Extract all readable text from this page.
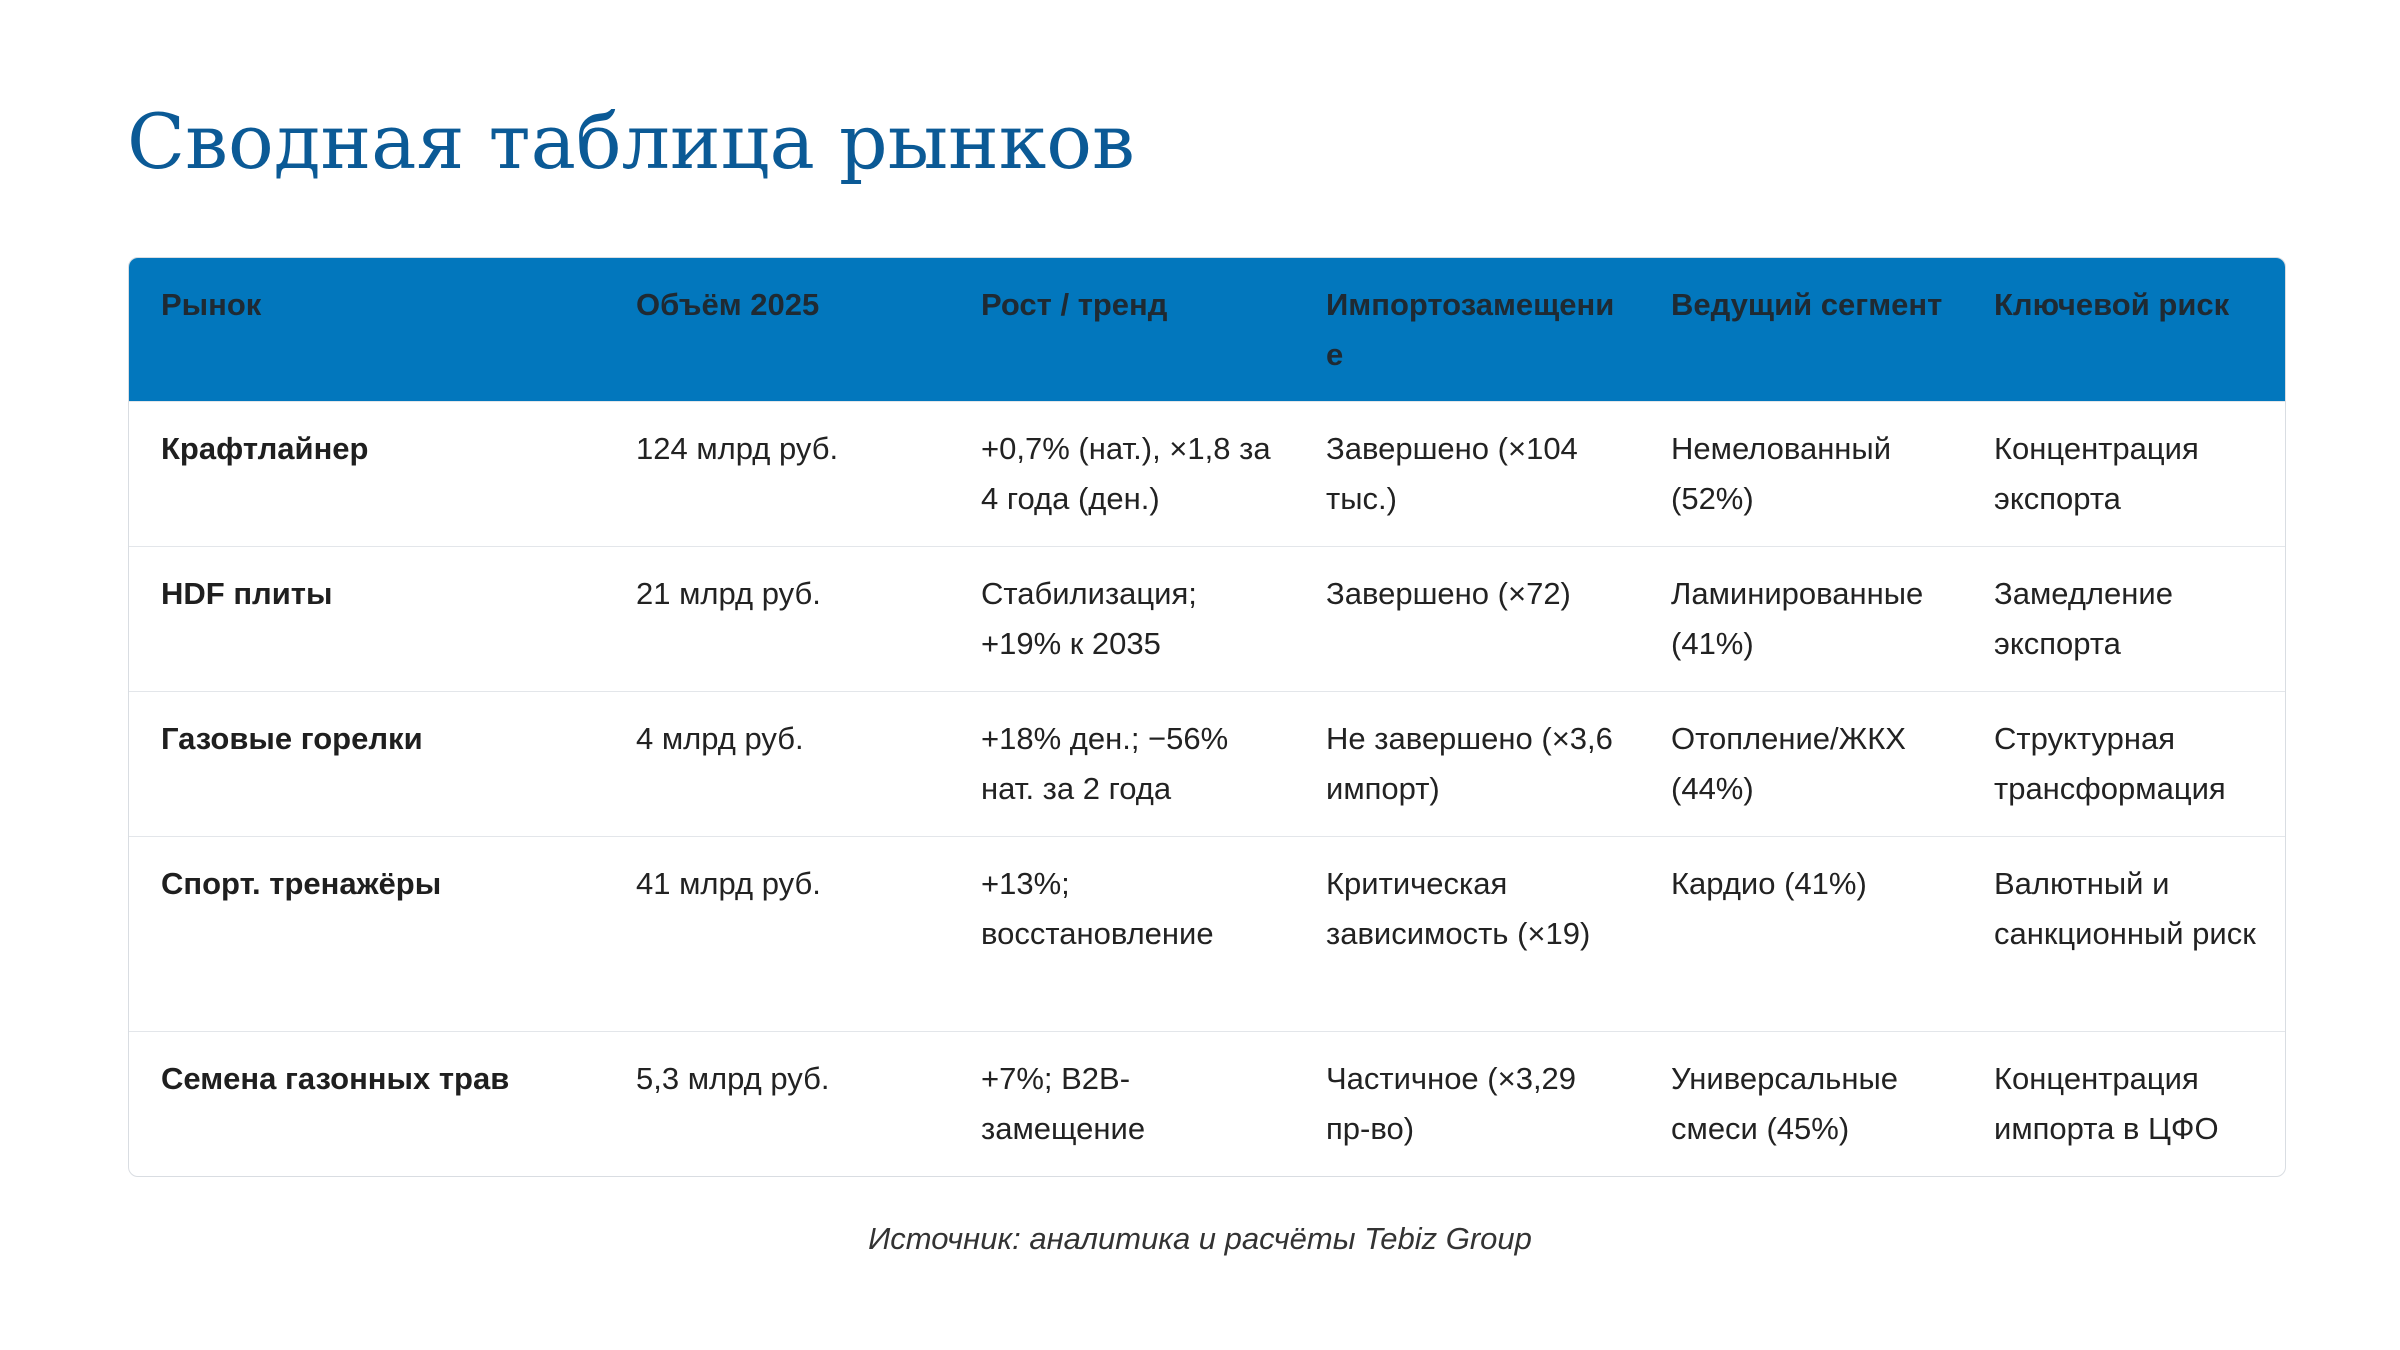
Сводная таблица рынков
Рынок	Объём 2025	Рост / тренд	Импортозамещение	Ведущий сегмент	Ключевой риск
Крафтлайнер	124 млрд руб.	+0,7% (нат.), ×1,8 за 4 года (ден.)	Завершено (×104 тыс.)	Немелованный (52%)	Концентрация экспорта
HDF плиты	21 млрд руб.	Стабилизация; +19% к 2035	Завершено (×72)	Ламинированные (41%)	Замедление экспорта
Газовые горелки	4 млрд руб.	+18% ден.; −56% нат. за 2 года	Не завершено (×3,6 импорт)	Отопление/ЖКХ (44%)	Структурная трансформация
Спорт. тренажёры	41 млрд руб.	+13%; восстановление	Критическая зависимость (×19)	Кардио (41%)	Валютный и санкционный риск
Семена газонных трав	5,3 млрд руб.	+7%; B2B-замещение	Частичное (×3,29 пр-во)	Универсальные смеси (45%)	Концентрация импорта в ЦФО
Источник: аналитика и расчёты Tebiz Group
